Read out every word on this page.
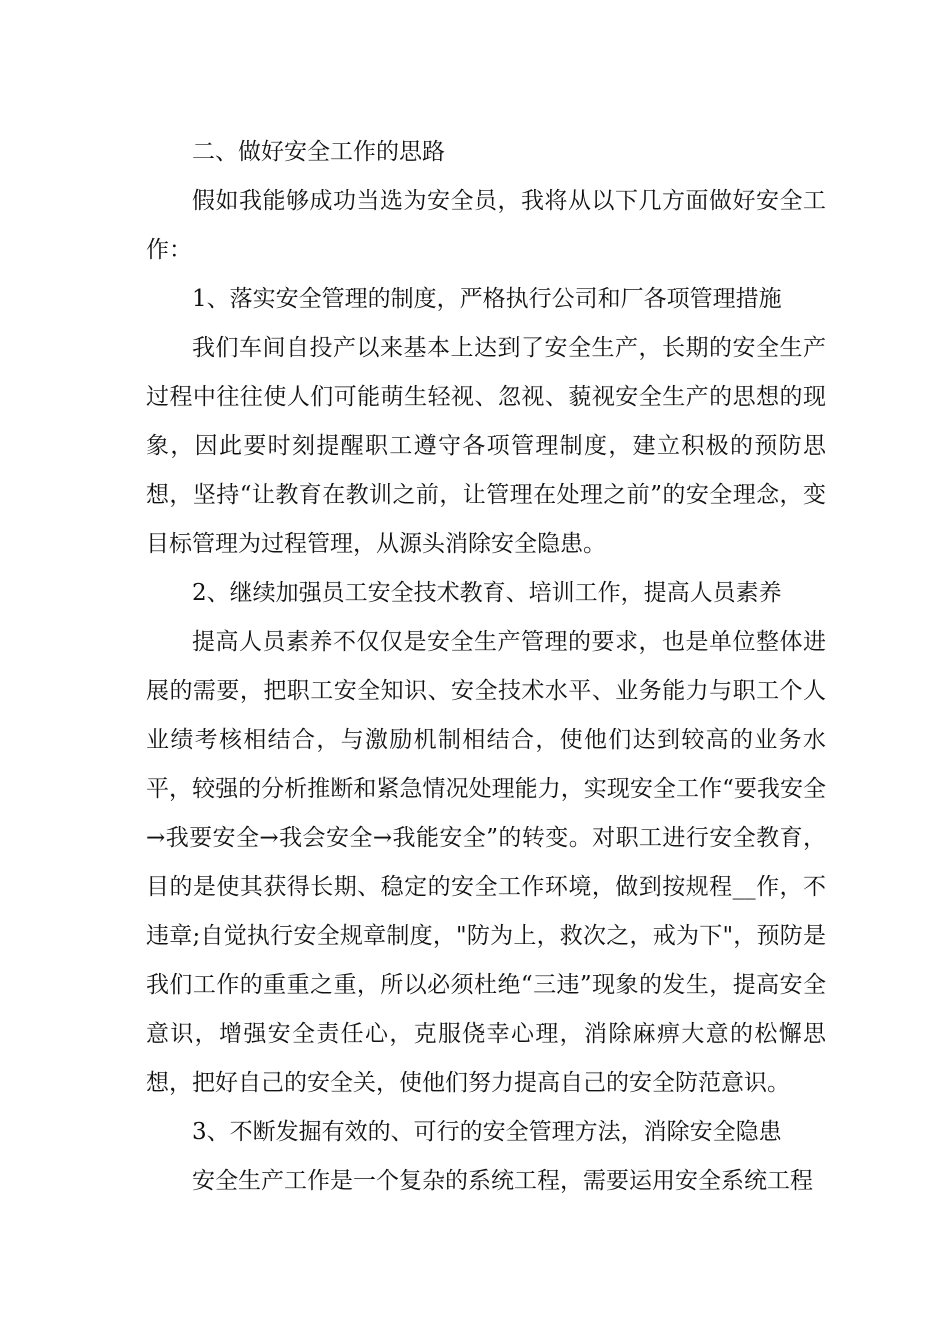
二、做好安全工作的思路

假如我能够成功当选为安全员，我将从以下几方面做好安全工作：

1、落实安全管理的制度，严格执行公司和厂各项管理措施

我们车间自投产以来基本上达到了安全生产，长期的安全生产过程中往往使人们可能萌生轻视、忽视、藐视安全生产的思想的现象，因此要时刻提醒职工遵守各项管理制度，建立积极的预防思想，坚持“让教育在教训之前，让管理在处理之前”的安全理念，变目标管理为过程管理，从源头消除安全隐患。

2、继续加强员工安全技术教育、培训工作，提高人员素养

提高人员素养不仅仅是安全生产管理的要求，也是单位整体进展的需要，把职工安全知识、安全技术水平、业务能力与职工个人业绩考核相结合，与激励机制相结合，使他们达到较高的业务水平，较强的分析推断和紧急情况处理能力，实现安全工作“要我安全→我要安全→我会安全→我能安全”的转变。对职工进行安全教育，目的是使其获得长期、稳定的安全工作环境，做到按规程__作，不违章;自觉执行安全规章制度，"防为上，救次之，戒为下"，预防是我们工作的重重之重，所以必须杜绝“三违”现象的发生，提高安全意识，增强安全责任心，克服侥幸心理，消除麻痹大意的松懈思想，把好自己的安全关，使他们努力提高自己的安全防范意识。

3、不断发掘有效的、可行的安全管理方法，消除安全隐患

安全生产工作是一个复杂的系统工程，需要运用安全系统工程
